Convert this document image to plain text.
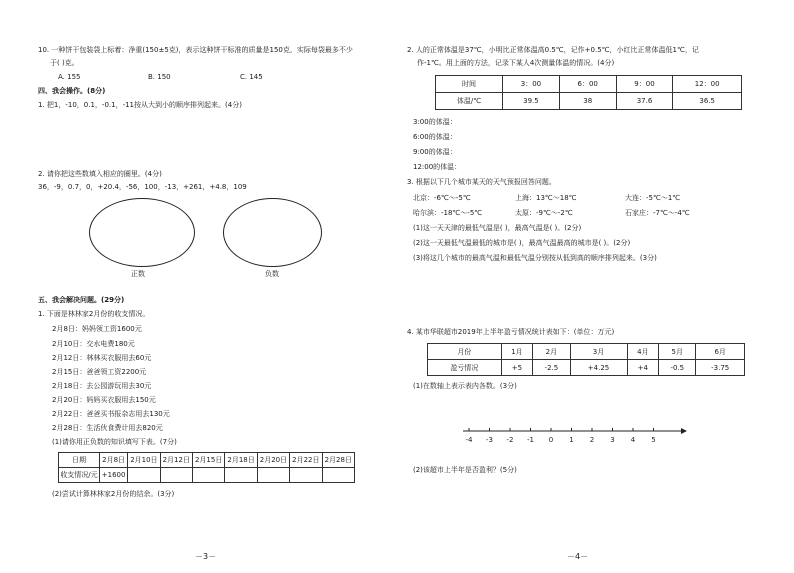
10. 一种饼干包装袋上标着：净重(150±5克)，表示这种饼干标准的质量是150克，实际每袋最多不少
于( )克。
A. 155	B. 150	C. 145
四、我会操作。(8分)
1. 把1，-10，0.1，-0.1，-11按从大到小的顺序排列起来。(4分)
2. 请你把这些数填入相应的圈里。(4分)
36，-9，0.7，0，+20.4，-56，100，-13，+261，+4.8，109
正数	负数
五、我会解决问题。(29分)
1. 下面是林林家2月份的收支情况。
2月8日：妈妈领工资1600元
2月10日：交水电费180元
2月12日：林林买衣服用去60元
2月15日：爸爸领工资2200元
2月18日：去公园游玩用去30元
2月20日：妈妈买衣服用去150元
2月22日：爸爸买书报杂志用去130元
2月28日：生活伙食费计用去820元
(1)请你用正负数的知识填写下表。(7分)
日期	2月8日	2月10日	2月12日	2月15日	2月18日	2月20日	2月22日	2月28日
收支情况/元	+1600							
(2)尝试计算林林家2月份的结余。(3分)
－3－
2. 人的正常体温是37℃，小明比正常体温高0.5℃，记作+0.5℃，小红比正常体温低1℃，记
作-1℃。用上面的方法，记录下某人4次测量体温的情况。(4分)
时间	3：00	6：00	9：00	12：00
体温/℃	39.5	38	37.6	36.5
3:00的体温：
6:00的体温：
9:00的体温：
12:00的体温：
3. 根据以下几个城市某天的天气预报回答问题。
北京：-6℃～-5℃	上海：13℃～18℃	大连：-5℃～1℃
哈尔滨：-18℃～-5℃	太原：-9℃～-2℃	石家庄：-7℃～-4℃
(1)这一天天津的最低气温是( )，最高气温是( )。(2分)
(2)这一天最低气温最低的城市是( )，最高气温最高的城市是( )。(2分)
(3)将这几个城市的最高气温和最低气温分别按从低到高的顺序排列起来。(3分)
4. 某市华联超市2019年上半年盈亏情况统计表如下：(单位：万元)
月份	1月	2月	3月	4月	5月	6月
盈亏情况	+5	-2.5	+4.25	+4	-0.5	-3.75
(1)在数轴上表示表内各数。(3分)
-4 -3 -2 -1 0 1 2 3 4 5
(2)该超市上半年是否盈利？(5分)
－4－
